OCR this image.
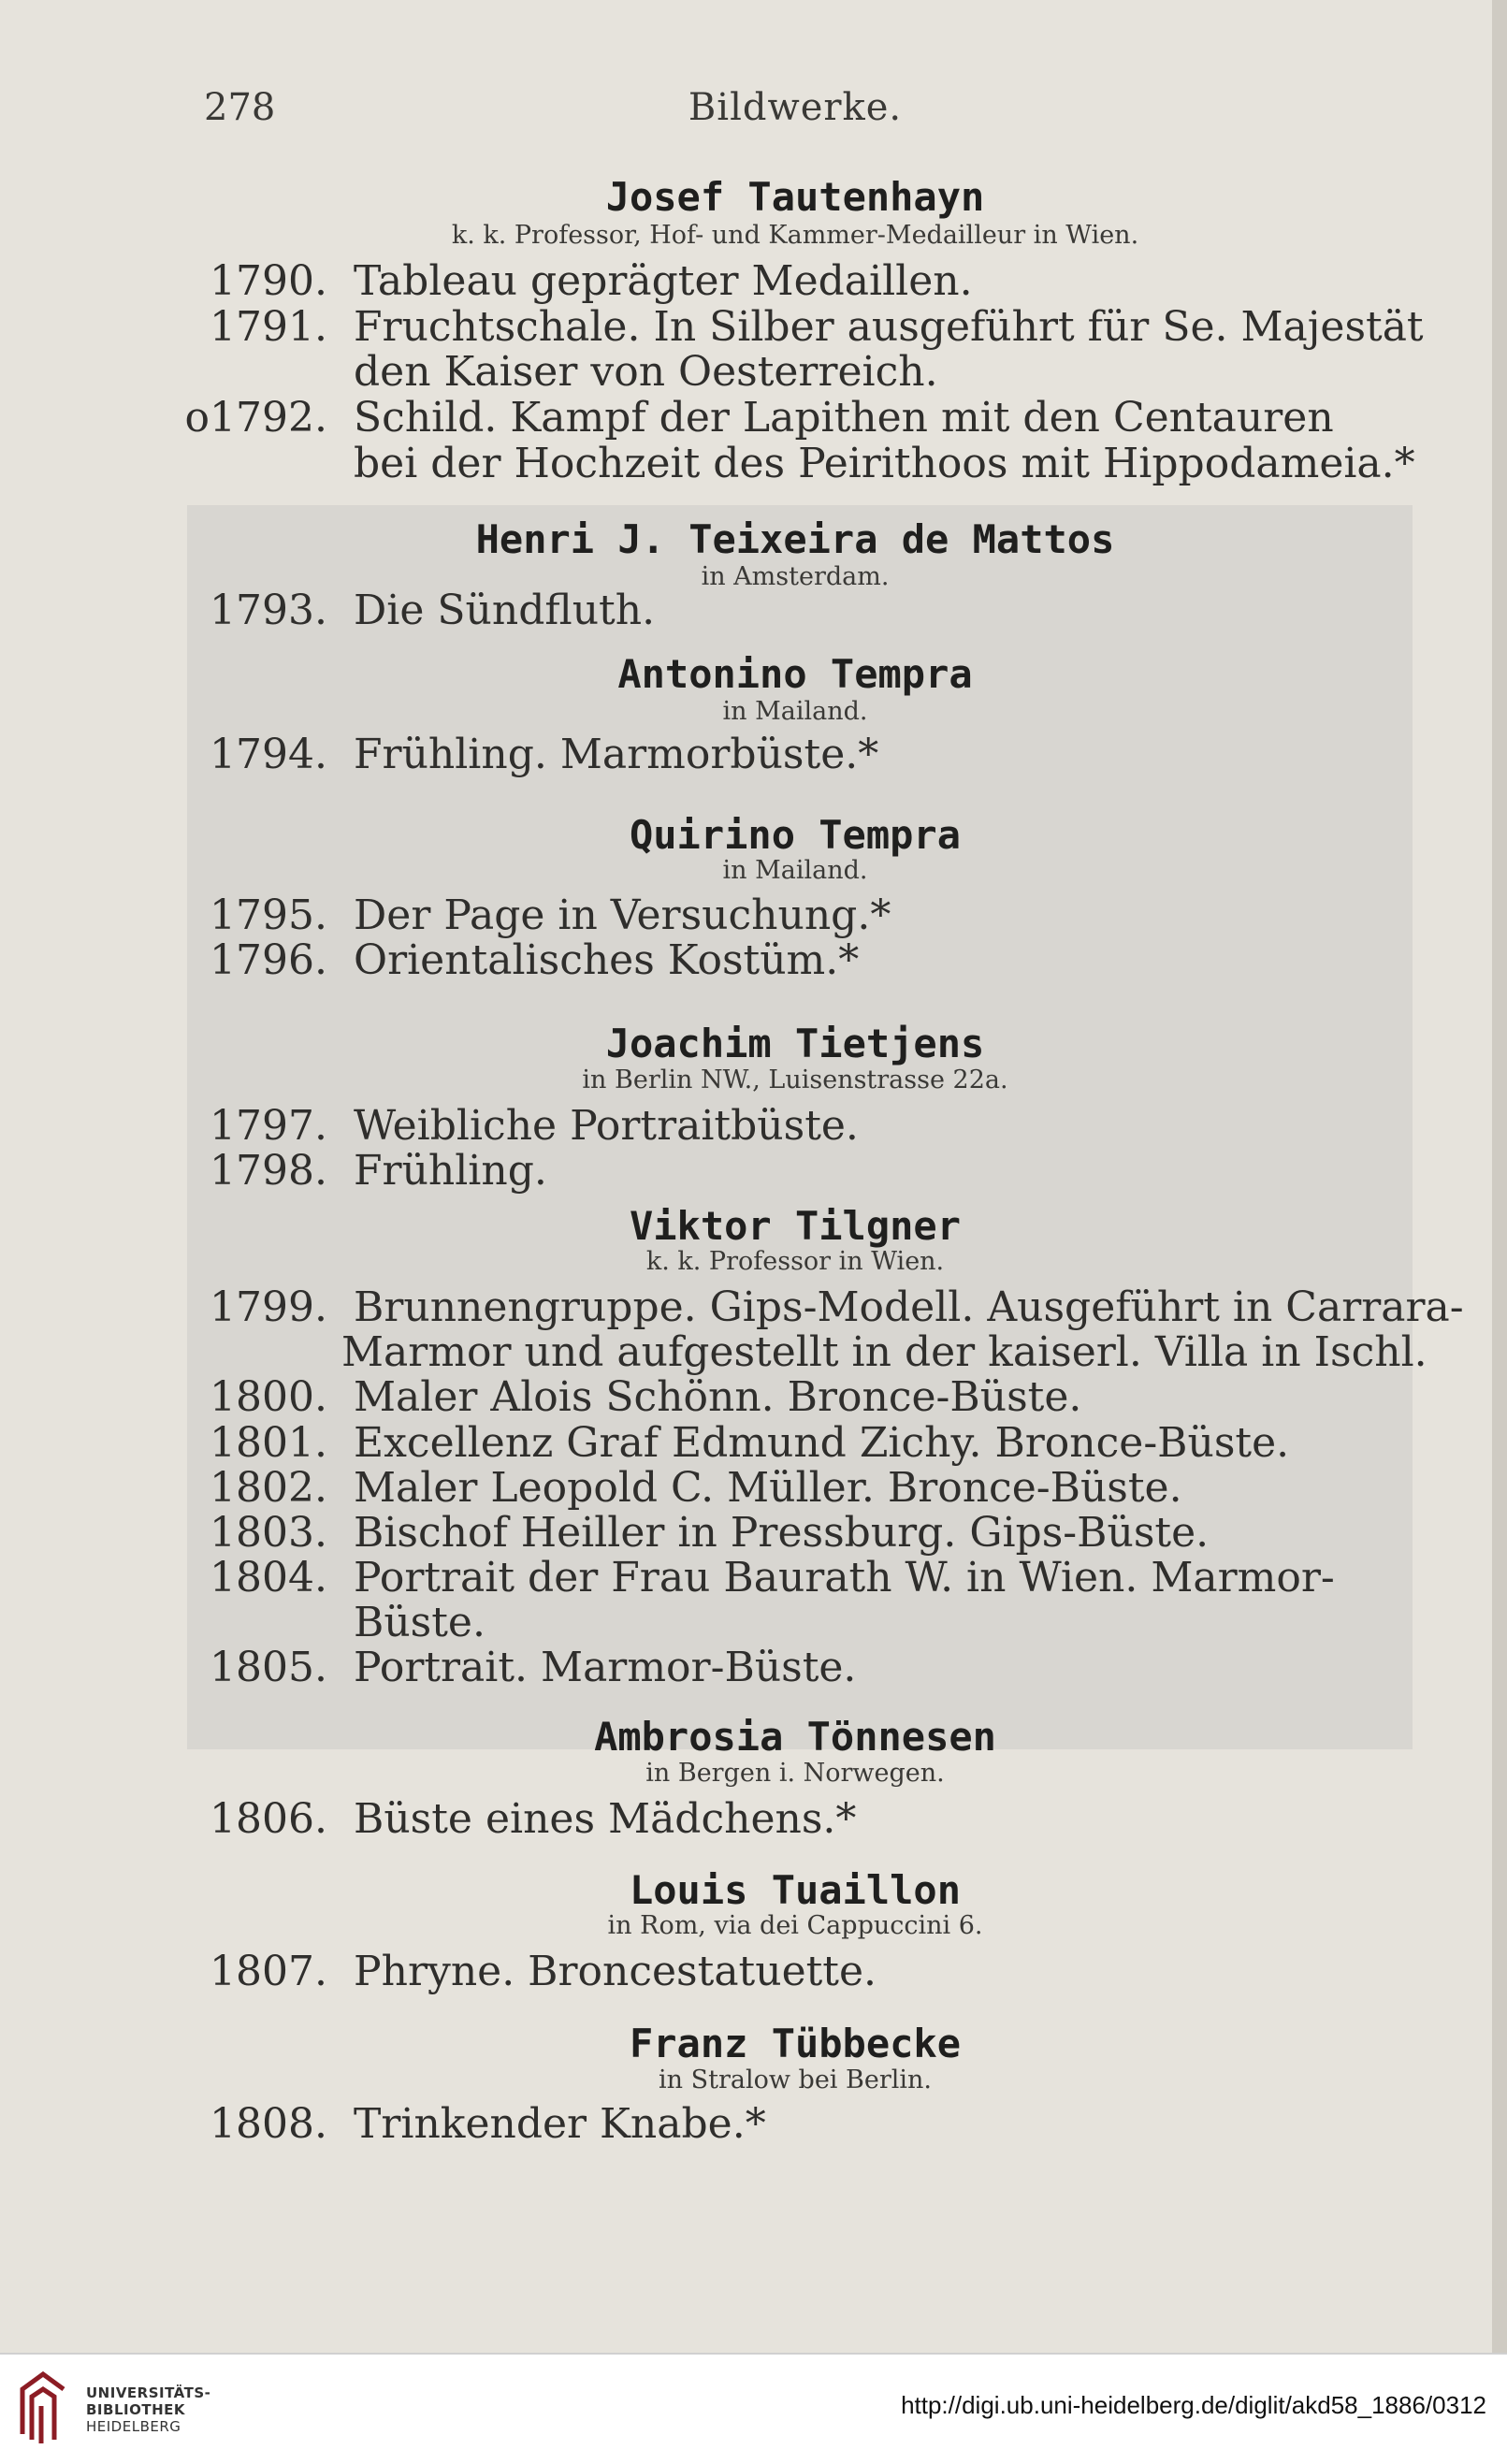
278	Bildwerke.
Josef Tautenhayn
k. k. Professor, Hof- und Kammer-Medailleur in Wien.
1790. Tableau geprägter Medaillen.
1791. Fruchtschale. In Silber ausgeführt für Se. Majestät
den Kaiser von Oesterreich.
o1792. Schild. Kampf der Lapithen mit den Centauren
bei der Hochzeit des Peirithoos mit Hippodameia.*
Henri J. Teixeira de Mattos
in Amsterdam.
1793. Die Sündfluth.
Antonino Tempra
in Mailand.
1794. Frühling. Marmorbüste.*
Quirino Tempra
in Mailand.
1795. Der Page in Versuchung.*
1796. Orientalisches Kostüm.*
Joachim Tietjens
in Berlin NW., Luisenstrasse 22a.
1797. Weibliche Portraitbüste.
1798. Frühling.
Viktor Tilgner
k. k. Professor in Wien.
1799. Brunnengruppe. Gips-Modell. Ausgeführt in Carrara-
Marmor und aufgestellt in der kaiserl. Villa in Ischl.
1800. Maler Alois Schönn. Bronce-Büste.
1801. Excellenz Graf Edmund Zichy. Bronce-Büste.
1802. Maler Leopold C. Müller. Bronce-Büste.
1803. Bischof Heiller in Pressburg. Gips-Büste.
1804. Portrait der Frau Baurath W. in Wien. Marmor-
Büste.
1805. Portrait. Marmor-Büste.
Ambrosia Tönnesen
in Bergen i. Norwegen.
1806. Büste eines Mädchens.*
Louis Tuaillon
in Rom, via dei Cappuccini 6.
1807. Phryne. Broncestatuette.
Franz Tübbecke
in Stralow bei Berlin.
1808. Trinkender Knabe.*
UNIVERSITÄTS-
BIBLIOTHEK
HEIDELBERG
http://digi.ub.uni-heidelberg.de/diglit/akd58_1886/0312
